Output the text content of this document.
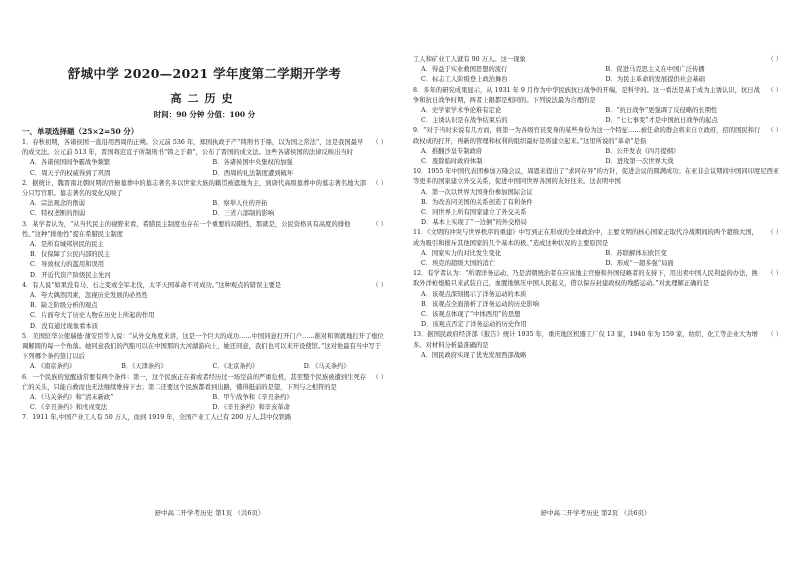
舒城中学 2020—2021 学年度第二学期开学考
高二历史
时间：90 分钟 分值：100 分
一、单项选择题（25×2=50 分）
（ ）
1．春秋初期，各诸侯国一直沿用西周的正朔。公元前 536 年，郑国执政子产“铸刑书于鼎，以为国之常法”，这是我国最早的成文法。公元前 513 年，晋国将范宣子所制刑书“铸之于鼎”，公布了晋国的成文法。这些各诸侯国的法律反映出当时
A．各诸侯国间争霸战争频繁	B．各诸侯国中央集权的加强
C．周天子的权威得到了巩固	D．西周的礼法制度遭到破坏
（ ）
2．据统计，魏晋南北朝时期的官僚墓葬中的墓志著名多以世家大族的籍贯被遮地为主，到唐代高级墓葬中的墓志著名地大部分只写官职。墓志著名的变化反映了
A．宗法观念的削弱	B．察举人仕的开拓
C．特权垄断的削弱	D．三省六部制的影响
（ ）
3．某学者认为，“从当代民主的视野来看，希腊民主制度也存在一个重要的局限性，那就是，公民资格具有高度的排他性。”这种“排他性”提在希腊民主制度
A．是所有城邦居民的民主
B．仅保障了公民内部的民主
C．导致权力的滥用和误用
D．开近代资产阶级民主先河
（ ）
4．有人说“如果没有马、石之变或全军北伐，太平天国革命不可成功。”这种观点的错误主要是
A．夸大偶然因素，忽视历史发展的必然性
B．缺乏阶级分析的观点
C．片面夸大了历史人物在历史上所起的作用
D．没有通过现象看本质
5．美国驻华公使瑞德·蒲安臣等人说：“从外交角度来讲，这是一个巨大的成功……中国同意打开门户……推对和领就地打开了炮位调解圆的每一个角落。她同意我们的汽船可以在中国那的大河湖游向上，她还同意，我们也可以来开设使馆。”这对他最有当中写于下列哪个条约签订以后
A．《南京条约》	B．《天津条约》	C．《北京条约》	D．《马关条约》
（ ）
6．一个民族的觉醒通常要有两个条件：第一，这个民族正在着或者经历过一场空前的严重危机，甚至整个民族被遭到生死存亡的关头，只能自救而也无法继续维持下去；第二还要这个民族都看到出路，懂得挺前的是望，下列与之相符的是
A．《马关条约》和“清末新政”	B．甲午战争和《辛丑条约》
C．《辛丑条约》和戊戌变法	D．《辛丑条约》和辛亥革命
7．1911 年,中国产业工人有 50 万人，而到 1919 年，全国产业工人已有 200 万人,其中仅铁路
舒中高二开学考历史 第1页 （共6页）
（ ）
工人和矿业工人就有 90 万人。这一现象
A．得益于实业救国思想的流行	B．促进马克思主义在中国广泛传播
C．标志工人阶级登上政治舞台	D．为民主革命的发展提供社会基础
（ ）
8．多年的研究成果显示，从 1931 年 9 月作为中华民族抗日战争的开端，是科学的。这一看法是基于成为主诱认识，抗日战争和抗日战争时期，两者上限都是相同的。下列说法最为合理的是
A．史学家学术争论难有定论	B．“抗日战争”更强调了反侵略的长期性
C．主诱认识是在战争结束后的	D．“七七事变”才是中国抗日战争的起点
（ ）
9．“对于当时来说有几方而，将第一为各级官员变身的某些身份为这一个特征……被任命的群会将来自立政府，招的国民和行政权成的打开，再新的管理和权利的组织最好是将建立起来。”这里所说的“革命”是指
A．推翻沙皇专制政府	B．公开发表《四月提纲》
C．废除临时政府体制	D．进攻第一次世界大战
10．1955 年中国代表团参加万隆会议，周恩来提出了“求同存异”的方针，促进会议的圆满成功；在亚非会议期间中国同印度尼西亚等更多的国家建立外交关系，促进中国同世界各国的友好往来。这表明中国
A．第一次以世界大国身份参加国际会议
B．为改善同美国的关系创造了有利条件
C．同世界上所有国家建立了外交关系
D．基本上实现了“一边倒”的外交格局
（ ）
11．《文明的冲突与世界秩序的重建》中写到正在形成的全球政治中，主要文明的核心国家正取代冷战期间的两个超级大国，成为吸引和排斥其他国家的几个基本的极。”造成这种状况的主要原因是
A．国家实力的对比发生变化	B．苏联解体东欧巨变
C．埃克的超级大国的消亡	D．形成“一超多强”局面
（ ）
12．有学者认为：“所谓洋务运动，乃是清朝统治者在应该地主官僚和外国侵略者的支持下，用出卖中国人民利益的办法，换取外洋枪炮船只来武装自己，血腥地镇压中国人民起义，借以保存封建政权的残酷运动。”对此理解正确的是
A．该观点深刻揭示了洋务运动的本质
B．该观点全面剖析了洋务运动的历史影响
C．该观点体现了“中体西用”的思想
D．该观点否定了洋务运动的历史作用
（ ）
13．据国民政府经济部《报告》统计 1935 年，重庆地区机器工厂仅 13 家，1940 年为 159 家，纺织、化工等企业大为增多。对材料分析最准确的是
A．国民政府实现了优先发展西部战略
舒中高二开学考历史 第2页 （共6页）
